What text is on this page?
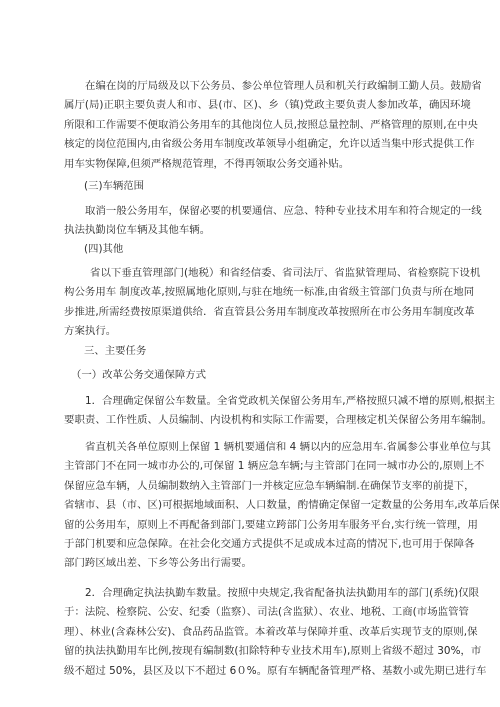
在编在岗的厅局级及以下公务员、参公单位管理人员和机关行政编制工勤人员。鼓励省
属厅(局)正职主要负责人和市、县(市、区)、乡（镇)党政主要负责人参加改革，确因环境
所限和工作需要不便取消公务用车的其他岗位人员,按照总量控制、严格管理的原则,在中央
核定的岗位范围内,由省级公务用车制度改革领导小组确定，允许以适当集中形式提供工作
用车实物保障,但须严格规范管理，不得再领取公务交通补贴。
(三)车辆范围
取消一般公务用车，保留必要的机要通信、应急、特种专业技术用车和符合规定的一线
执法执勤岗位车辆及其他车辆。
(四)其他
省以下垂直管理部门(地税）和省经信委、省司法厅、省监狱管理局、省检察院下设机
构公务用车 制度改革,按照属地化原则,与驻在地统一标准,由省级主管部门负责与所在地同
步推进,所需经费按原渠道供给．省直管县公务用车制度改革按照所在市公务用车制度改革
方案执行。
三、主要任务
（一）改革公务交通保障方式
1．合理确定保留公车数量。全省党政机关保留公务用车,严格按照只减不增的原则,根据主
要职责、工作性质、人员编制、内设机构和实际工作需要，合理核定机关保留公务用车编制。
省直机关各单位原则上保留 1 辆机要通信和 4 辆以内的应急用车.省属参公事业单位与其
主管部门不在同一城市办公的,可保留 1 辆应急车辆;与主管部门在同一城市办公的,原则上不
保留应急车辆，人员编制数纳入主管部门一并核定应急车辆编制.在确保节支率的前提下，
省辖市、县（市、区)可根据地域面积、人口数量，酌情确定保留一定数量的公务用车,改革后保
留的公务用车，原则上不再配备到部门,要建立跨部门公务用车服务平台,实行统一管理，用
于部门机要和应急保障。在社会化交通方式提供不足或成本过高的情况下,也可用于保障各
部门跨区域出差、下乡等公务出行需要。
2．合理确定执法执勤车数量。按照中央规定,我省配备执法执勤用车的部门(系统)仅限
于：法院、检察院、公安、纪委（监察）、司法(含监狱）、农业、地税、工商(市场监管管
理）、林业(含森林公安)、食品药品监管。本着改革与保障并重、改革后实现节支的原则,保
留的执法执勤用车比例,按现有编制数(扣除特种专业技术用车),原则上省级不超过 30%，市
级不超过 50%，县区及以下不超过 6０%。原有车辆配备管理严格、基数小或先期已进行车
